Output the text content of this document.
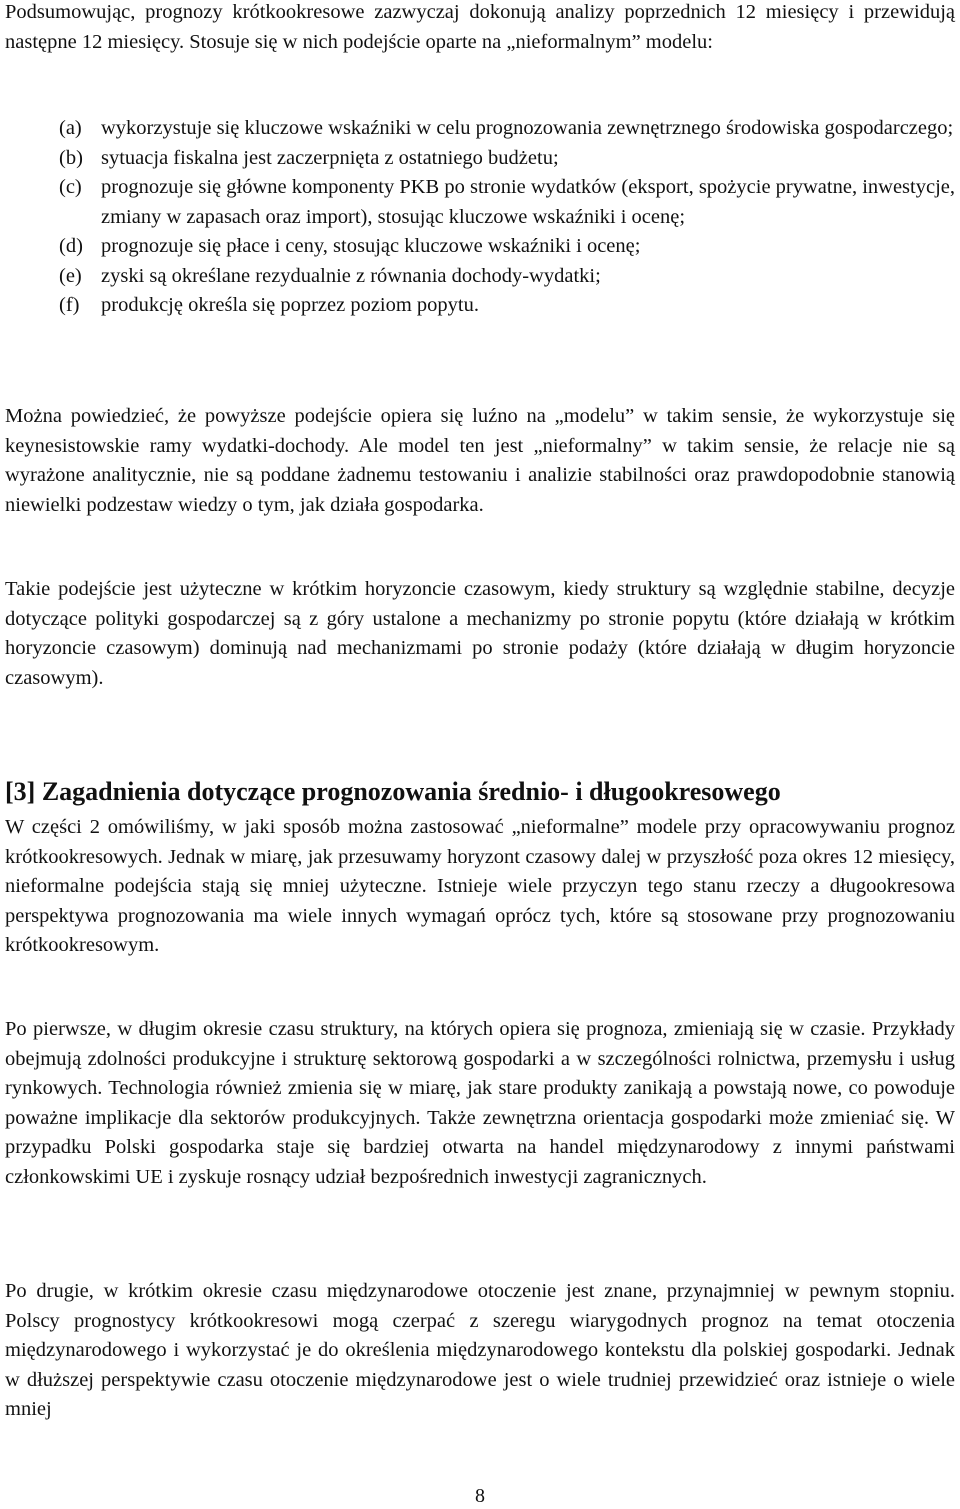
Podsumowując, prognozy krótkookresowe zazwyczaj dokonują analizy poprzednich 12 miesięcy i przewidują następne 12 miesięcy. Stosuje się w nich podejście oparte na „nieformalnym” modelu:

(a) wykorzystuje się kluczowe wskaźniki w celu prognozowania zewnętrznego środowiska gospodarczego;
(b) sytuacja fiskalna jest zaczerpnięta z ostatniego budżetu;
(c) prognozuje się główne komponenty PKB po stronie wydatków (eksport, spożycie prywatne, inwestycje, zmiany w zapasach oraz import), stosując kluczowe wskaźniki i ocenę;
(d) prognozuje się płace i ceny, stosując kluczowe wskaźniki i ocenę;
(e) zyski są określane rezydualnie z równania dochody-wydatki;
(f) produkcję określa się poprzez poziom popytu.

Można powiedzieć, że powyższe podejście opiera się luźno na „modelu” w takim sensie, że wykorzystuje się keynesistowskie ramy wydatki-dochody. Ale model ten jest „nieformalny” w takim sensie, że relacje nie są wyrażone analitycznie, nie są poddane żadnemu testowaniu i analizie stabilności oraz prawdopodobnie stanowią niewielki podzestaw wiedzy o tym, jak działa gospodarka.

Takie podejście jest użyteczne w krótkim horyzoncie czasowym, kiedy struktury są względnie stabilne, decyzje dotyczące polityki gospodarczej są z góry ustalone a mechanizmy po stronie popytu (które działają w krótkim horyzoncie czasowym) dominują nad mechanizmami po stronie podaży (które działają w długim horyzoncie czasowym).

[3] Zagadnienia dotyczące prognozowania średnio- i długookresowego

W części 2 omówiliśmy, w jaki sposób można zastosować „nieformalne” modele przy opracowywaniu prognoz krótkookresowych. Jednak w miarę, jak przesuwamy horyzont czasowy dalej w przyszłość poza okres 12 miesięcy, nieformalne podejścia stają się mniej użyteczne. Istnieje wiele przyczyn tego stanu rzeczy a długookresowa perspektywa prognozowania ma wiele innych wymagań oprócz tych, które są stosowane przy prognozowaniu krótkookresowym.

Po pierwsze, w długim okresie czasu struktury, na których opiera się prognoza, zmieniają się w czasie. Przykłady obejmują zdolności produkcyjne i strukturę sektorową gospodarki a w szczególności rolnictwa, przemysłu i usług rynkowych. Technologia również zmienia się w miarę, jak stare produkty zanikają a powstają nowe, co powoduje poważne implikacje dla sektorów produkcyjnych. Także zewnętrzna orientacja gospodarki może zmieniać się. W przypadku Polski gospodarka staje się bardziej otwarta na handel międzynarodowy z innymi państwami członkowskimi UE i zyskuje rosnący udział bezpośrednich inwestycji zagranicznych.

Po drugie, w krótkim okresie czasu międzynarodowe otoczenie jest znane, przynajmniej w pewnym stopniu. Polscy prognostycy krótkookresowi mogą czerpać z szeregu wiarygodnych prognoz na temat otoczenia międzynarodowego i wykorzystać je do określenia międzynarodowego kontekstu dla polskiej gospodarki. Jednak w dłuższej perspektywie czasu otoczenie międzynarodowe jest o wiele trudniej przewidzieć oraz istnieje o wiele mniej

8
